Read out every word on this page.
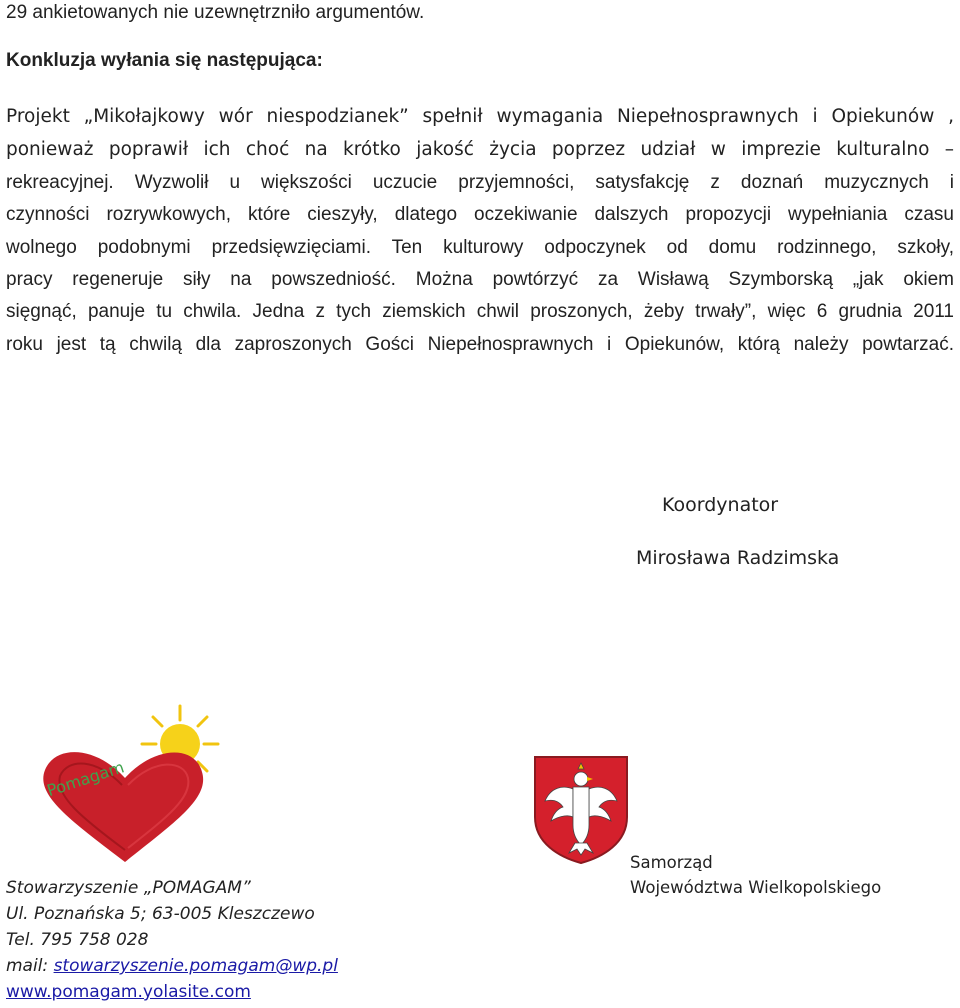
29 ankietowanych nie uzewnętrzniło argumentów.
Konkluzja wyłania się następująca:
Projekt „Mikołajkowy wór niespodzianek” spełnił wymagania Niepełnosprawnych i Opiekunów ,
ponieważ poprawił ich choć na krótko jakość życia poprzez udział w imprezie kulturalno –
rekreacyjnej. Wyzwolił u większości uczucie przyjemności, satysfakcję z doznań muzycznych i
czynności rozrywkowych, które cieszyły, dlatego oczekiwanie dalszych propozycji wypełniania czasu
wolnego podobnymi przedsięwzięciami. Ten kulturowy odpoczynek od domu rodzinnego, szkoły,
pracy regeneruje siły na powszedniość. Można powtórzyć za Wisławą Szymborską „jak okiem
sięgnąć, panuje tu chwila. Jedna z tych ziemskich chwil proszonych, żeby trwały”, więc 6 grudnia 2011
roku jest tą chwilą dla zaproszonych Gości Niepełnosprawnych i Opiekunów, którą należy powtarzać.
Koordynator
Mirosława Radzimska
Pomagam
Samorząd
Województwa Wielkopolskiego
Stowarzyszenie „POMAGAM”
Ul. Poznańska 5; 63-005 Kleszczewo
Tel. 795 758 028
mail: stowarzyszenie.pomagam@wp.pl
www.pomagam.yolasite.com
